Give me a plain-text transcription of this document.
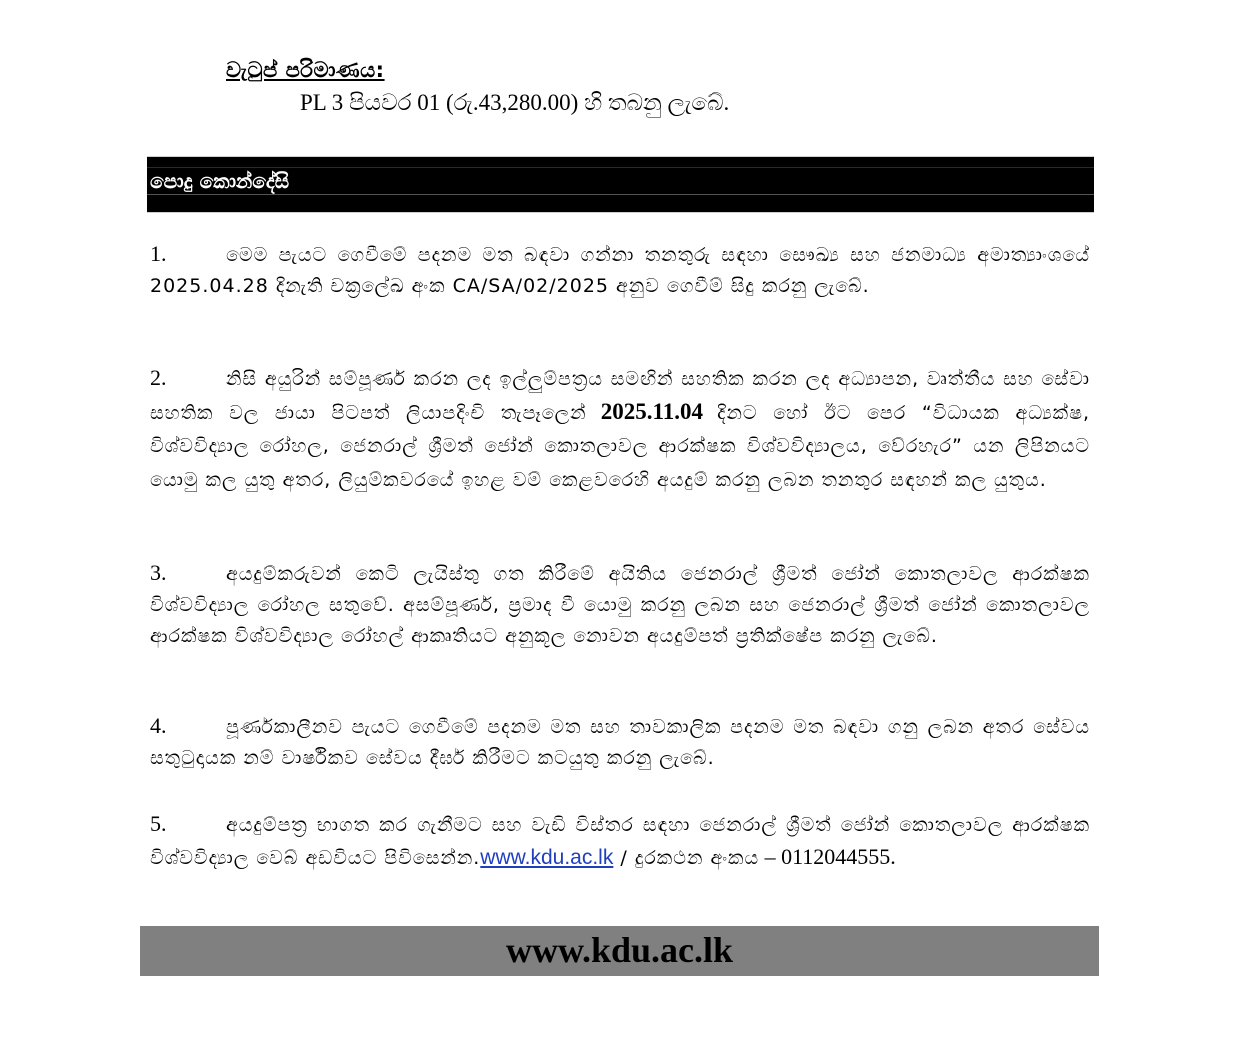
වැටුප් පරිමාණය:
PL 3 පියවර 01 (රු.43,280.00) හි තබනු ලැබේ.
පොදු කොන්දේසි
1.	මෙම පැයට ගෙවීමේ පදනම මත බඳවා ගන්නා තනතුරු සඳහා සෞඛ්‍ය සහ ජනමාධ්‍ය අමාත්‍යාංශයේ 2025.04.28 දිනැති චක්‍රලේඛ අංක CA/SA/02/2025 අනුව ගෙවීම් සිදු කරනු ලැබේ.
2.	නිසි අයුරින් සම්පූර්ණ කරන ලද ඉල්ලුම්පත්‍රය සමඟින් සහතික කරන ලද අධ්‍යාපන, වෘත්තීය සහ සේවා සහතික වල ජායා පිටපත් ලියාපදිංචි තැපෑලෙන් 2025.11.04 දිනට හෝ ඊට පෙර “විධායක අධ්‍යක්ෂ, විශ්වවිද්‍යාල රෝහල, ජෙනරාල් ශ්‍රීමත් ජෝන් කොතලාවල ආරක්ෂක විශ්වවිද්‍යාලය, වේරහැර” යන ලිපිනයට යොමු කල යුතු අතර, ලියුම්කවරයේ ඉහළ වම් කෙළවරෙහි අයදුම් කරනු ලබන තනතුර සඳහන් කල යුතුය.
3.	අයදුම්කරුවන් කෙටි ලැයිස්තු ගත කිරීමේ අයිතිය ජෙනරාල් ශ්‍රීමත් ජෝන් කොතලාවල ආරක්ෂක විශ්වවිද්‍යාල රෝහල සතුවේ. අසම්පූර්ණ, ප්‍රමාද වී යොමු කරනු ලබන සහ ජෙනරාල් ශ්‍රීමත් ජෝන් කොතලාවල ආරක්ෂක විශ්වවිද්‍යාල රෝහල් ආකෘතියට අනුකූල නොවන අයදුම්පත් ප්‍රතික්ෂේප කරනු ලැබේ.
4.	පූර්ණකාලීනව පැයට ගෙවීමේ පදනම මත සහ තාවකාලික පදනම මත බඳවා ගනු ලබන අතර සේවය සතුටුදායක නම් වාර්ෂිකව සේවය දීර්ඝ කිරීමට කටයුතු කරනු ලැබේ.
5.	අයදුම්පත්‍ර භාගත කර ගැනීමට සහ වැඩි විස්තර සඳහා ජෙනරාල් ශ්‍රීමත් ජෝන් කොතලාවල ආරක්ෂක විශ්වවිද්‍යාල වෙබ් අඩවියට පිවිසෙන්න.www.kdu.ac.lk / දුරකථන අංකය – 0112044555.
www.kdu.ac.lk
